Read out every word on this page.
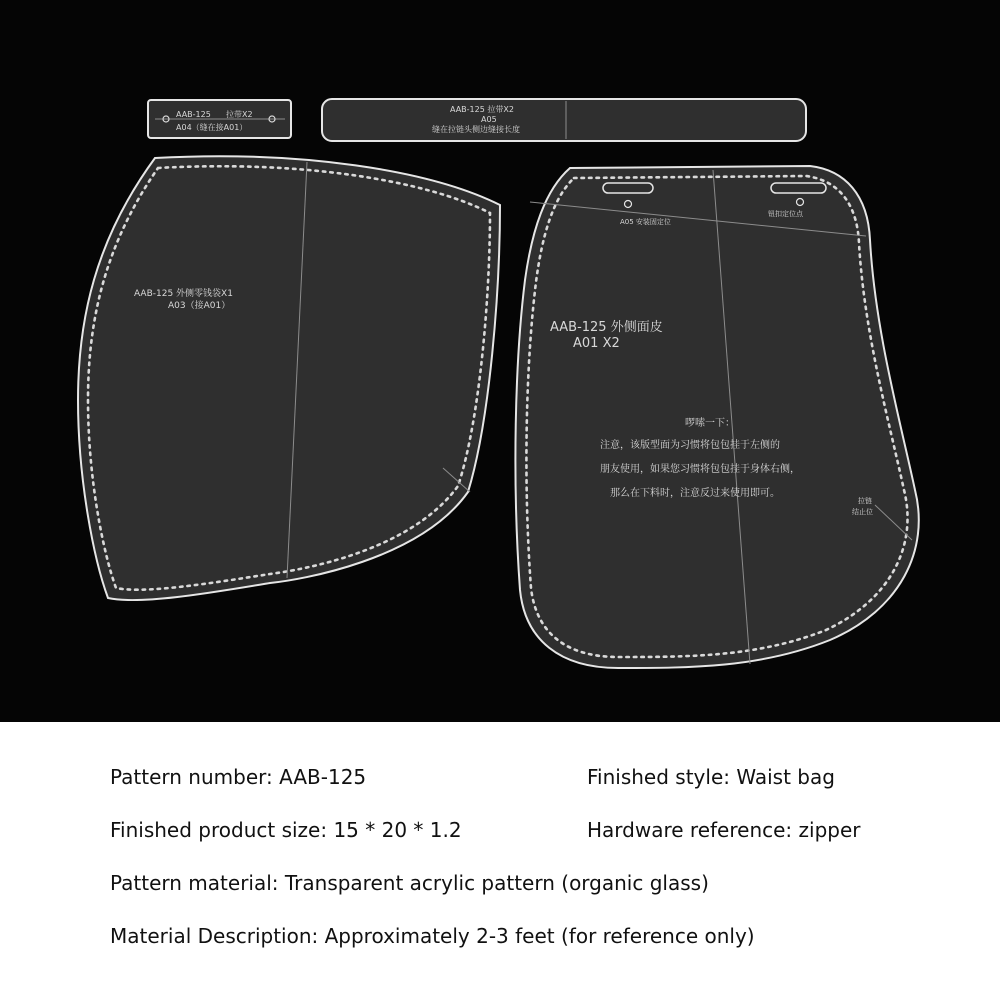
AAB-125 拉带X2
A04（缝在接A01）
AAB-125 拉带X2
A05
缝在拉链头侧边缝接长度
AAB-125 外侧零钱袋X1
A03（接A01）
A05 安装固定位
钮扣定位点
AAB-125 外侧面皮
A01 X2
啰嗦一下：
注意，该版型面为习惯将包包挂于左侧的
朋友使用，如果您习惯将包包挂于身体右侧，
那么在下料时，注意反过来使用即可。
拉链
结止位
Pattern number: AAB-125	Finished style: Waist bag
Finished product size: 15 * 20 * 1.2	Hardware reference: zipper
Pattern material: Transparent acrylic pattern (organic glass)
Material Description: Approximately 2-3 feet (for reference only)
